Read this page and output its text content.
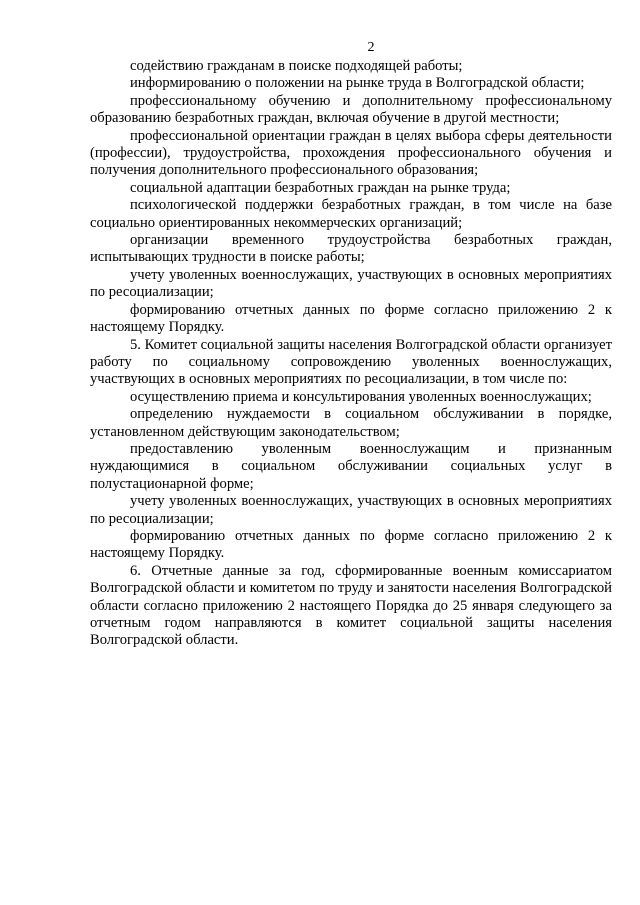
2

содействию гражданам в поиске подходящей работы;

информированию о положении на рынке труда в Волгоградской области;

профессиональному обучению и дополнительному профессиональному образованию безработных граждан, включая обучение в другой местности;

профессиональной ориентации граждан в целях выбора сферы деятельности (профессии), трудоустройства, прохождения профессионального обучения и получения дополнительного профессионального образования;

социальной адаптации безработных граждан на рынке труда;

психологической поддержки безработных граждан, в том числе на базе социально ориентированных некоммерческих организаций;

организации временного трудоустройства безработных граждан, испытывающих трудности в поиске работы;

учету уволенных военнослужащих, участвующих в основных мероприятиях по ресоциализации;

формированию отчетных данных по форме согласно приложению 2 к настоящему Порядку.

5. Комитет социальной защиты населения Волгоградской области организует работу по социальному сопровождению уволенных военнослужащих, участвующих в основных мероприятиях по ресоциализации, в том числе по:

осуществлению приема и консультирования уволенных военнослужащих;

определению нуждаемости в социальном обслуживании в порядке, установленном действующим законодательством;

предоставлению уволенным военнослужащим и признанным нуждающимися в социальном обслуживании социальных услуг в полустационарной форме;

учету уволенных военнослужащих, участвующих в основных мероприятиях по ресоциализации;

формированию отчетных данных по форме согласно приложению 2 к настоящему Порядку.

6. Отчетные данные за год, сформированные военным комиссариатом Волгоградской области и комитетом по труду и занятости населения Волгоградской области согласно приложению 2 настоящего Порядка до 25 января следующего за отчетным годом направляются в комитет социальной защиты населения Волгоградской области.
